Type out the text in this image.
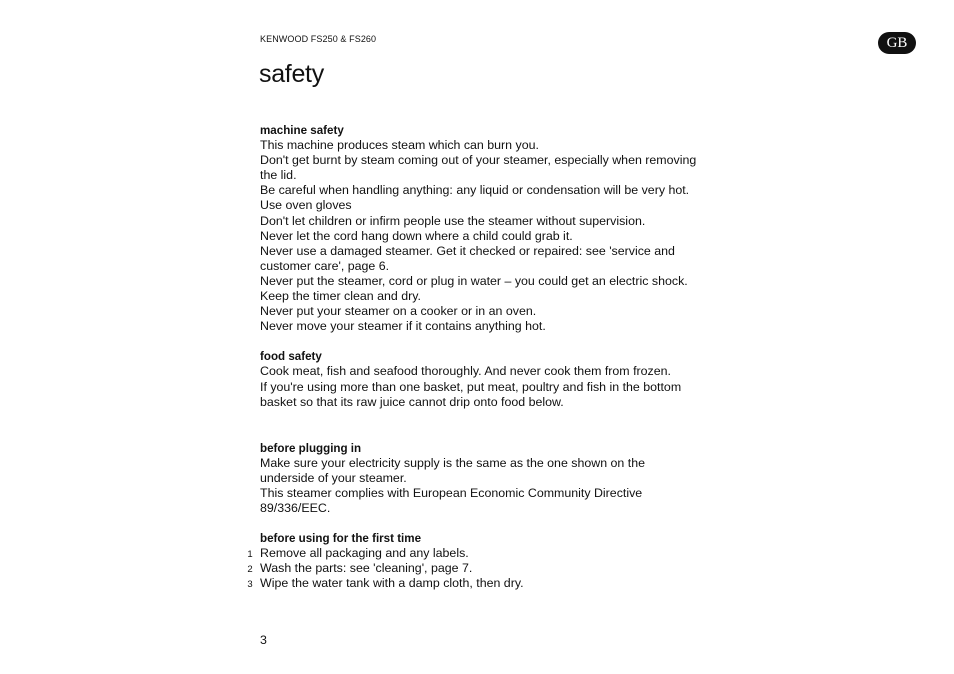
KENWOOD FS250 & FS260	GB
safety
machine safety

This machine produces steam which can burn you.

Don't get burnt by steam coming out of your steamer, especially when removing the lid.

Be careful when handling anything: any liquid or condensation will be very hot. Use oven gloves

Don't let children or infirm people use the steamer without supervision.

Never let the cord hang down where a child could grab it.

Never use a damaged steamer. Get it checked or repaired: see 'service and customer care', page 6.

Never put the steamer, cord or plug in water – you could get an electric shock. Keep the timer clean and dry.

Never put your steamer on a cooker or in an oven.

Never move your steamer if it contains anything hot.

food safety

Cook meat, fish and seafood thoroughly. And never cook them from frozen.

If you're using more than one basket, put meat, poultry and fish in the bottom basket so that its raw juice cannot drip onto food below.

before plugging in

Make sure your electricity supply is the same as the one shown on the underside of your steamer.

This steamer complies with European Economic Community Directive 89/336/EEC.

before using for the first time
1 Remove all packaging and any labels.
2 Wash the parts: see 'cleaning', page 7.
3 Wipe the water tank with a damp cloth, then dry.
3
